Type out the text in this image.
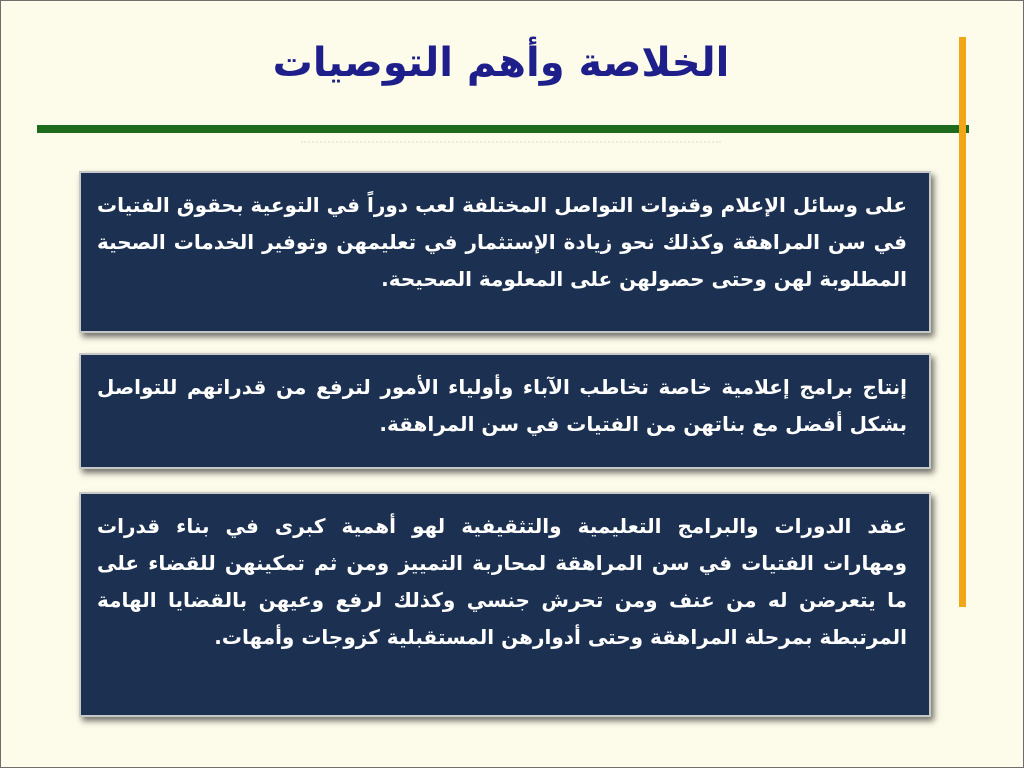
الخلاصة وأهم التوصيات
على وسائل الإعلام وقنوات التواصل المختلفة لعب دوراً في التوعية بحقوق الفتيات في سن المراهقة وكذلك نحو زيادة الإستثمار في تعليمهن وتوفير الخدمات الصحية المطلوبة لهن وحتى حصولهن على المعلومة الصحيحة.
إنتاج برامج إعلامية خاصة تخاطب الآباء وأولياء الأمور لترفع من قدراتهم للتواصل بشكل أفضل مع بناتهن من الفتيات في سن المراهقة.
عقد الدورات والبرامج التعليمية والتثقيفية لهو أهمية كبرى في بناء قدرات ومهارات الفتيات في سن المراهقة لمحاربة التمييز ومن ثم تمكينهن للقضاء على ما يتعرضن له من عنف ومن تحرش جنسي وكذلك لرفع وعيهن بالقضايا الهامة المرتبطة بمرحلة المراهقة وحتى أدوارهن المستقبلية كزوجات وأمهات.
